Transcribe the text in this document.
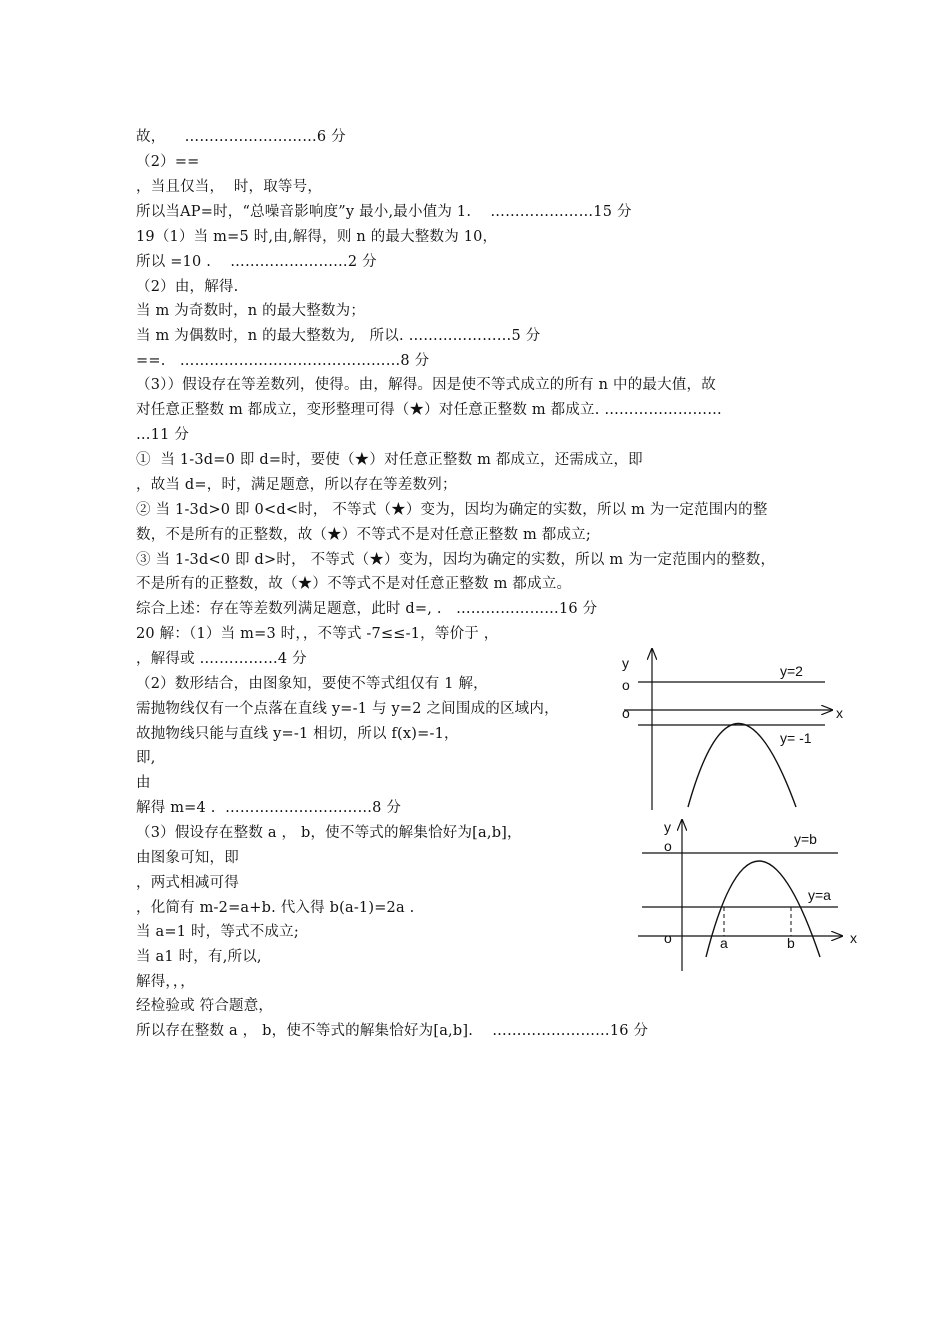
故，    ………………………6 分
（2）==
，当且仅当，  时，取等号，
所以当AP=时，“总噪音影响度”y 最小,最小值为 1.    …………………15 分
19（1）当 m=5 时,由,解得，则 n 的最大整数为 10，
所以 =10 .    ……………………2 分
（2）由，解得.
当 m 为奇数时，n 的最大整数为；
当 m 为偶数时，n 的最大整数为,   所以. …………………5 分
==.   ………………………………………8 分
（3））假设存在等差数列，使得。由，解得。因是使不等式成立的所有 n 中的最大值，故
对任意正整数 m 都成立，变形整理可得（★）对任意正整数 m 都成立. ……………………
…11 分
①  当 1-3d=0 即 d=时，要使（★）对任意正整数 m 都成立，还需成立，即
，故当 d=，时，满足题意，所以存在等差数列；
② 当 1-3d>0 即 0<d<时， 不等式（★）变为，因均为确定的实数，所以 m 为一定范围内的整
数，不是所有的正整数，故（★）不等式不是对任意正整数 m 都成立;
③ 当 1-3d<0 即 d>时， 不等式（★）变为，因均为确定的实数，所以 m 为一定范围内的整数，
不是所有的正整数，故（★）不等式不是对任意正整数 m 都成立。
综合上述：存在等差数列满足题意，此时 d=, .   …………………16 分
20 解：（1）当 m=3 时，，不等式 -7≤≤-1，等价于 ，
，解得或 .……………4 分
（2）数形结合，由图象知，要使不等式组仅有 1 解，
需抛物线仅有一个点落在直线 y=-1 与 y=2 之间围成的区域内，
故抛物线只能与直线 y=-1 相切，所以 f(x)=-1，
即,
由
解得 m=4 .  …………………………8 分
（3）假设存在整数 a ， b，使不等式的解集恰好为[a,b]，
由图象可知，即
，两式相减可得
，化简有 m-2=a+b. 代入得 b(a-1)=2a .
当 a=1 时，等式不成立;
当 a1 时，有,所以,
解得，，，
经检验或 符合题意，
所以存在整数 a ， b，使不等式的解集恰好为[a,b].    ……………………16 分
y
o
o	x
y=2
y= -1
y
o
o	x
y=b
y=a
a	b
